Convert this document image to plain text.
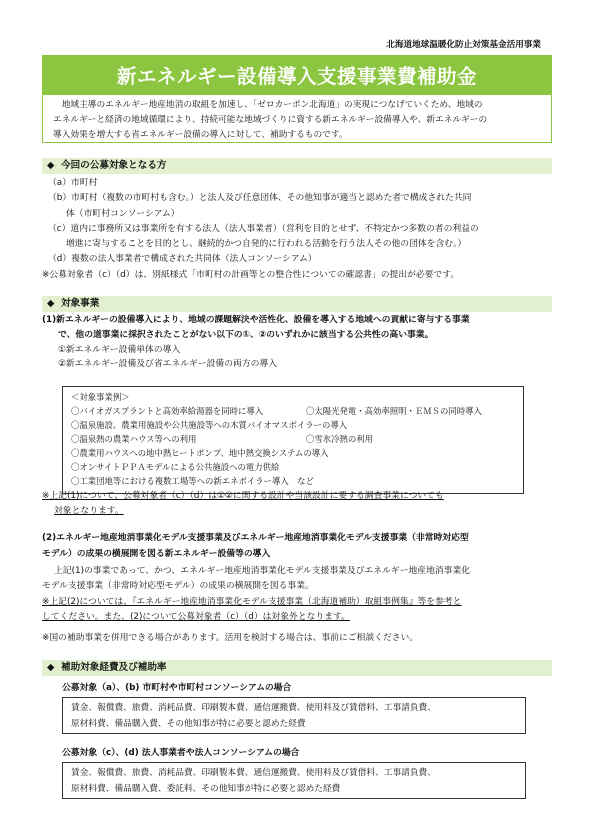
北海道地球温暖化防止対策基金活用事業
新エネルギー設備導入支援事業費補助金

地域主導のエネルギー地産地消の取組を加速し、「ゼロカーボン北海道」の実現につなげていくため、地域の

エネルギーと経済の地域循環により、持続可能な地域づくりに資する新エネルギー設備導入や、新エネルギーの

導入効果を増大する省エネルギー設備の導入に対して、補助するものです。

◆ 今回の公募対象となる方
（a）市町村
（b）市町村（複数の市町村も含む。）と法人及び任意団体、その他知事が適当と認めた者で構成された共同
体（市町村コンソーシアム）
（c）道内に事務所又は事業所を有する法人（法人事業者）（営利を目的とせず、不特定かつ多数の者の利益の
増進に寄与することを目的とし、継続的かつ自発的に行われる活動を行う法人その他の団体を含む。）
（d）複数の法人事業者で構成された共同体（法人コンソーシアム）
※公募対象者（c）（d）は、別紙様式「市町村の計画等との整合性についての確認書」の提出が必要です。
◆ 対象事業
(1)新エネルギーの設備導入により、地域の課題解決や活性化、設備を導入する地域への貢献に寄与する事業
で、他の道事業に採択されたことがない以下の①、②のいずれかに該当する公共性の高い事業。
①新エネルギー設備単体の導入
②新エネルギー設備及び省エネルギー設備の両方の導入
＜対象事業例＞
〇バイオガスプラントと高効率給湯器を同時に導入	〇太陽光発電・高効率照明・ＥＭＳの同時導入
〇温泉施設、農業用施設や公共施設等への木質バイオマスボイラーの導入
〇温泉熱の農業ハウス等への利用	〇雪氷冷熱の利用
〇農業用ハウスへの地中熱ヒートポンプ、地中熱交換システムの導入
〇オンサイトＰＰＡモデルによる公共施設への電力供給
〇工業団地等における複数工場等への新エネボイラー導入　など
※上記(1)について、公募対象者（c）（d）は①②に関する設計や当該設計に要する調査事業についても
対象となります。
(2)エネルギー地産地消事業化モデル支援事業及びエネルギー地産地消事業化モデル支援事業（非常時対応型
モデル）の成果の横展開を図る新エネルギー設備等の導入
上記(1)の事業であって、かつ、エネルギー地産地消事業化モデル支援事業及びエネルギー地産地消事業化
モデル支援事業（非常時対応型モデル）の成果の横展開を図る事業。
※上記(2)については、『エネルギー地産地消事業化モデル支援事業（北海道補助）取組事例集』等を参考と
してください。また、(2)について公募対象者（c）（d）は対象外となります。
※国の補助事業を併用できる場合があります。活用を検討する場合は、事前にご相談ください。
◆ 補助対象経費及び補助率
公募対象（a）、(b) 市町村や市町村コンソーシアムの場合
賃金、報償費、旅費、消耗品費、印刷製本費、通信運搬費、使用料及び賃借料、工事請負費、
原材料費、備品購入費、その他知事が特に必要と認めた経費
公募対象（c）、(d) 法人事業者や法人コンソーシアムの場合
賃金、報償費、旅費、消耗品費、印刷製本費、通信運搬費、使用料及び賃借料、工事請負費、
原材料費、備品購入費、委託料、その他知事が特に必要と認めた経費
